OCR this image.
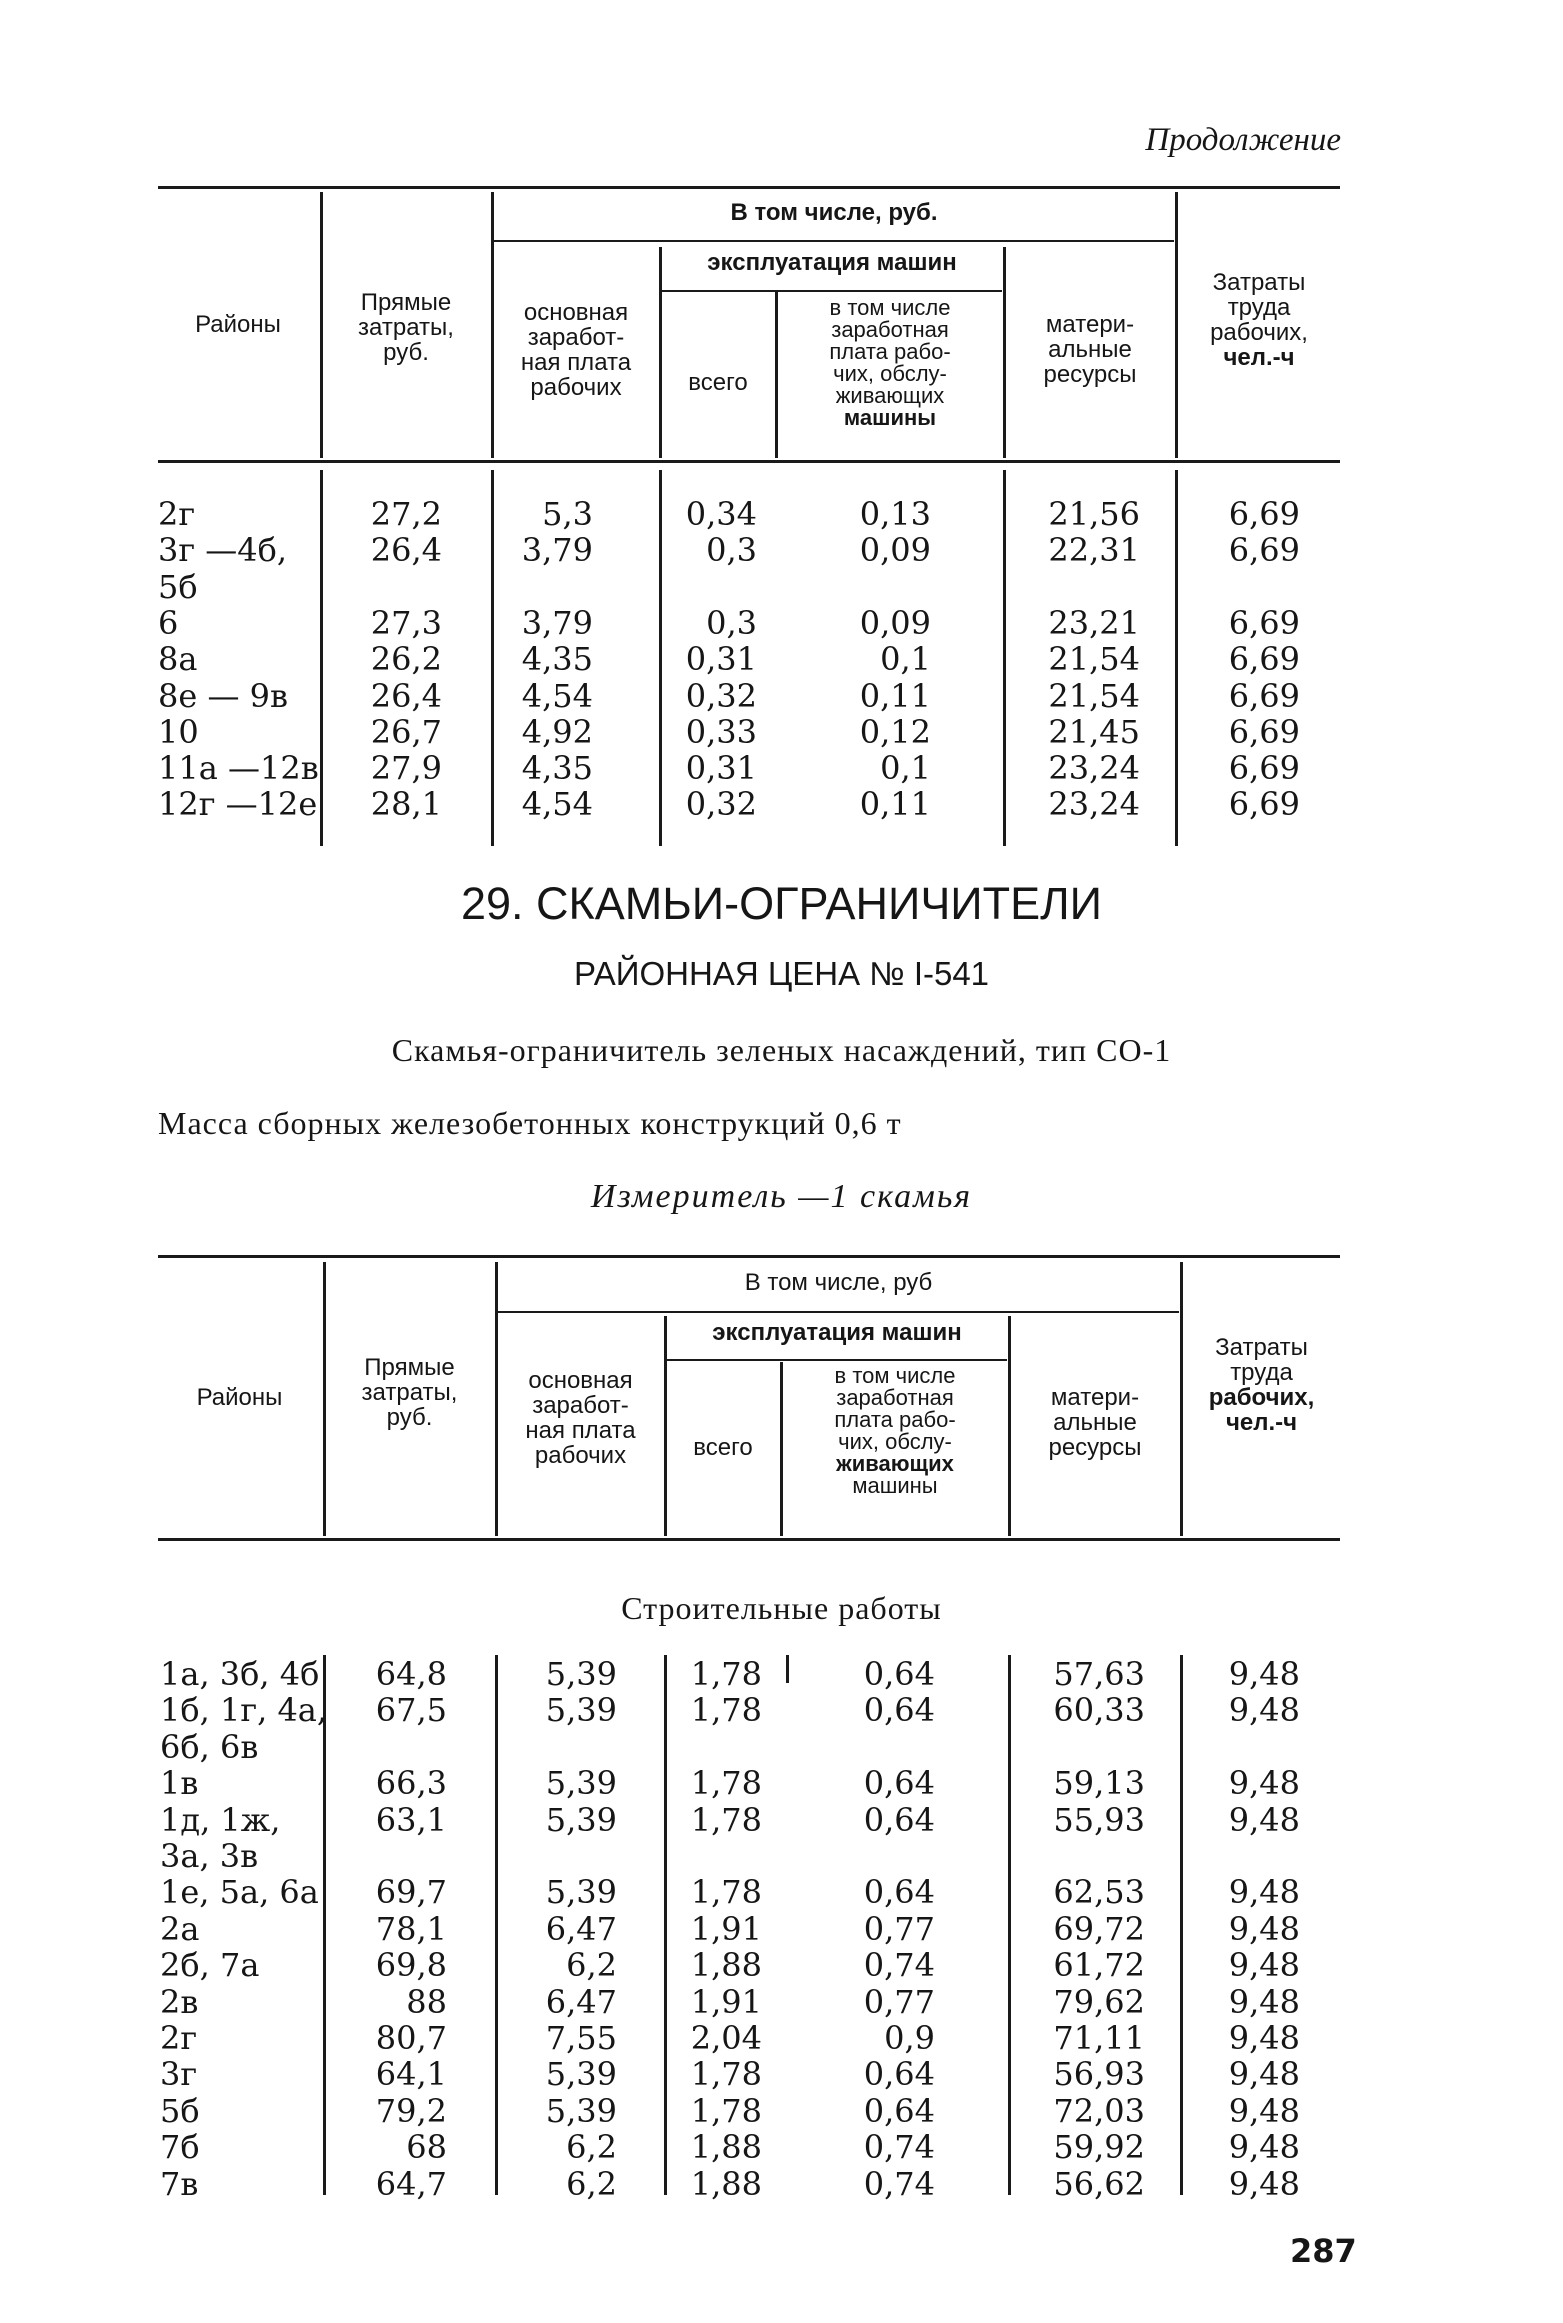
Продолжение
Районы
Прямые
затраты,
руб.
В том числе, руб.
основная
заработ-
ная плата
рабочих
эксплуатация машин
всего
в том числе
заработная
плата рабо-
чих, обслу-
живающих
машины
матери-
альные
ресурсы
Затраты
труда
рабочих,
чел.-ч
2г	27,2	5,3	0,34	0,13	21,56	6,69
3г —4б,	26,4	3,79	0,3	0,09	22,31	6,69
5б
6	27,3	3,79	0,3	0,09	23,21	6,69
8а	26,2	4,35	0,31	0,1	21,54	6,69
8е — 9в	26,4	4,54	0,32	0,11	21,54	6,69
10	26,7	4,92	0,33	0,12	21,45	6,69
11а —12в	27,9	4,35	0,31	0,1	23,24	6,69
12г —12е	28,1	4,54	0,32	0,11	23,24	6,69
29. СКАМЬИ-ОГРАНИЧИТЕЛИ
РАЙОННАЯ ЦЕНА № I-541
Скамья-ограничитель зеленых насаждений, тип СО-1
Масса сборных железобетонных конструкций 0,6 т
Измеритель —1 скамья
Районы
Прямые
затраты,
руб.
В том числе, руб
основная
заработ-
ная плата
рабочих
эксплуатация машин
всего
в том числе
заработная
плата рабо-
чих, обслу-
живающих
машины
матери-
альные
ресурсы
Затраты
труда
рабочих,
чел.-ч
Строительные работы
1а, 3б, 4б	64,8	5,39	1,78	0,64	57,63	9,48
1б, 1г, 4а,	67,5	5,39	1,78	0,64	60,33	9,48
6б, 6в
1в	66,3	5,39	1,78	0,64	59,13	9,48
1д, 1ж,	63,1	5,39	1,78	0,64	55,93	9,48
3а, 3в
1е, 5а, 6а	69,7	5,39	1,78	0,64	62,53	9,48
2а	78,1	6,47	1,91	0,77	69,72	9,48
2б, 7а	69,8	6,2	1,88	0,74	61,72	9,48
2в	88	6,47	1,91	0,77	79,62	9,48
2г	80,7	7,55	2,04	0,9	71,11	9,48
3г	64,1	5,39	1,78	0,64	56,93	9,48
5б	79,2	5,39	1,78	0,64	72,03	9,48
7б	68	6,2	1,88	0,74	59,92	9,48
7в	64,7	6,2	1,88	0,74	56,62	9,48
287
